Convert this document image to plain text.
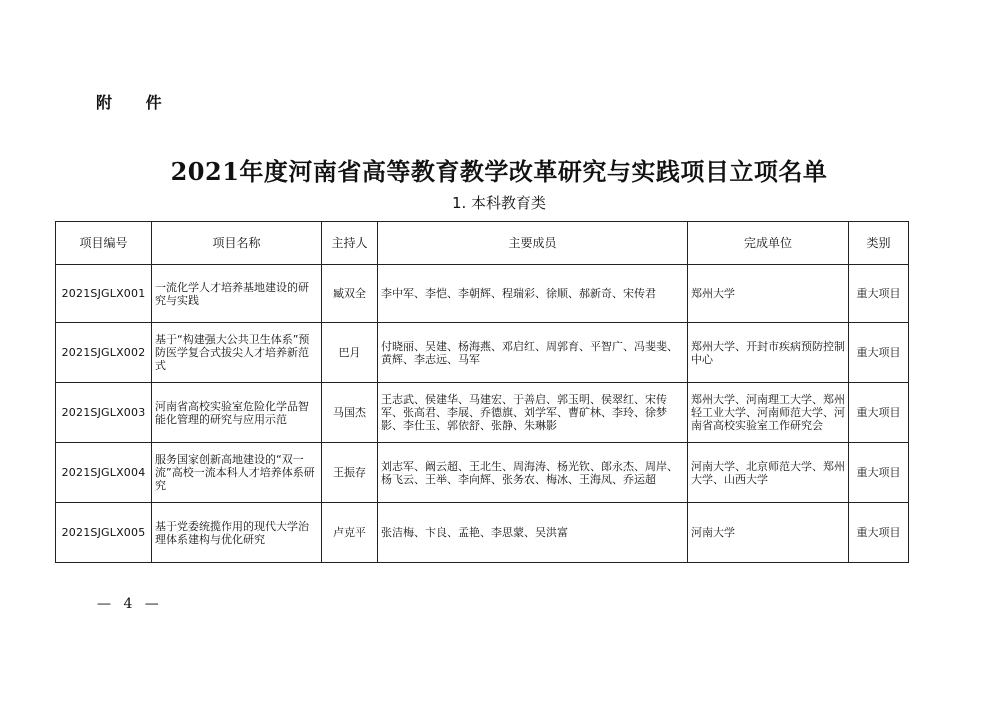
附 件
2021年度河南省高等教育教学改革研究与实践项目立项名单
1. 本科教育类
项目编号	项目名称	主持人	主要成员	完成单位	类别
2021SJGLX001	一流化学人才培养基地建设的研究与实践	臧双全	李中军、李恺、李朝辉、程瑞彩、徐顺、郝新奇、宋传君	郑州大学	重大项目
2021SJGLX002	基于“构建强大公共卫生体系”预防医学复合式拔尖人才培养新范式	巴月	付晓丽、吴建、杨海燕、邓启红、周郭育、平智广、冯斐斐、黄辉、李志远、马军	郑州大学、开封市疾病预防控制中心	重大项目
2021SJGLX003	河南省高校实验室危险化学品智能化管理的研究与应用示范	马国杰	王志武、侯建华、马建宏、于善启、郭玉明、侯翠红、宋传军、张高君、李展、乔德旗、刘学军、曹矿林、李玲、徐梦影、李仕玉、郭依舒、张静、朱琳影	郑州大学、河南理工大学、郑州轻工业大学、河南师范大学、河南省高校实验室工作研究会	重大项目
2021SJGLX004	服务国家创新高地建设的“双一流”高校一流本科人才培养体系研究	王振存	刘志军、阚云超、王北生、周海涛、杨光钦、郎永杰、周岸、杨飞云、王举、李向辉、张务农、梅冰、王海凤、乔运超	河南大学、北京师范大学、郑州大学、山西大学	重大项目
2021SJGLX005	基于党委统揽作用的现代大学治理体系建构与优化研究	卢克平	张洁梅、卞良、孟艳、李思蒙、吴洪富	河南大学	重大项目
— 4 —
